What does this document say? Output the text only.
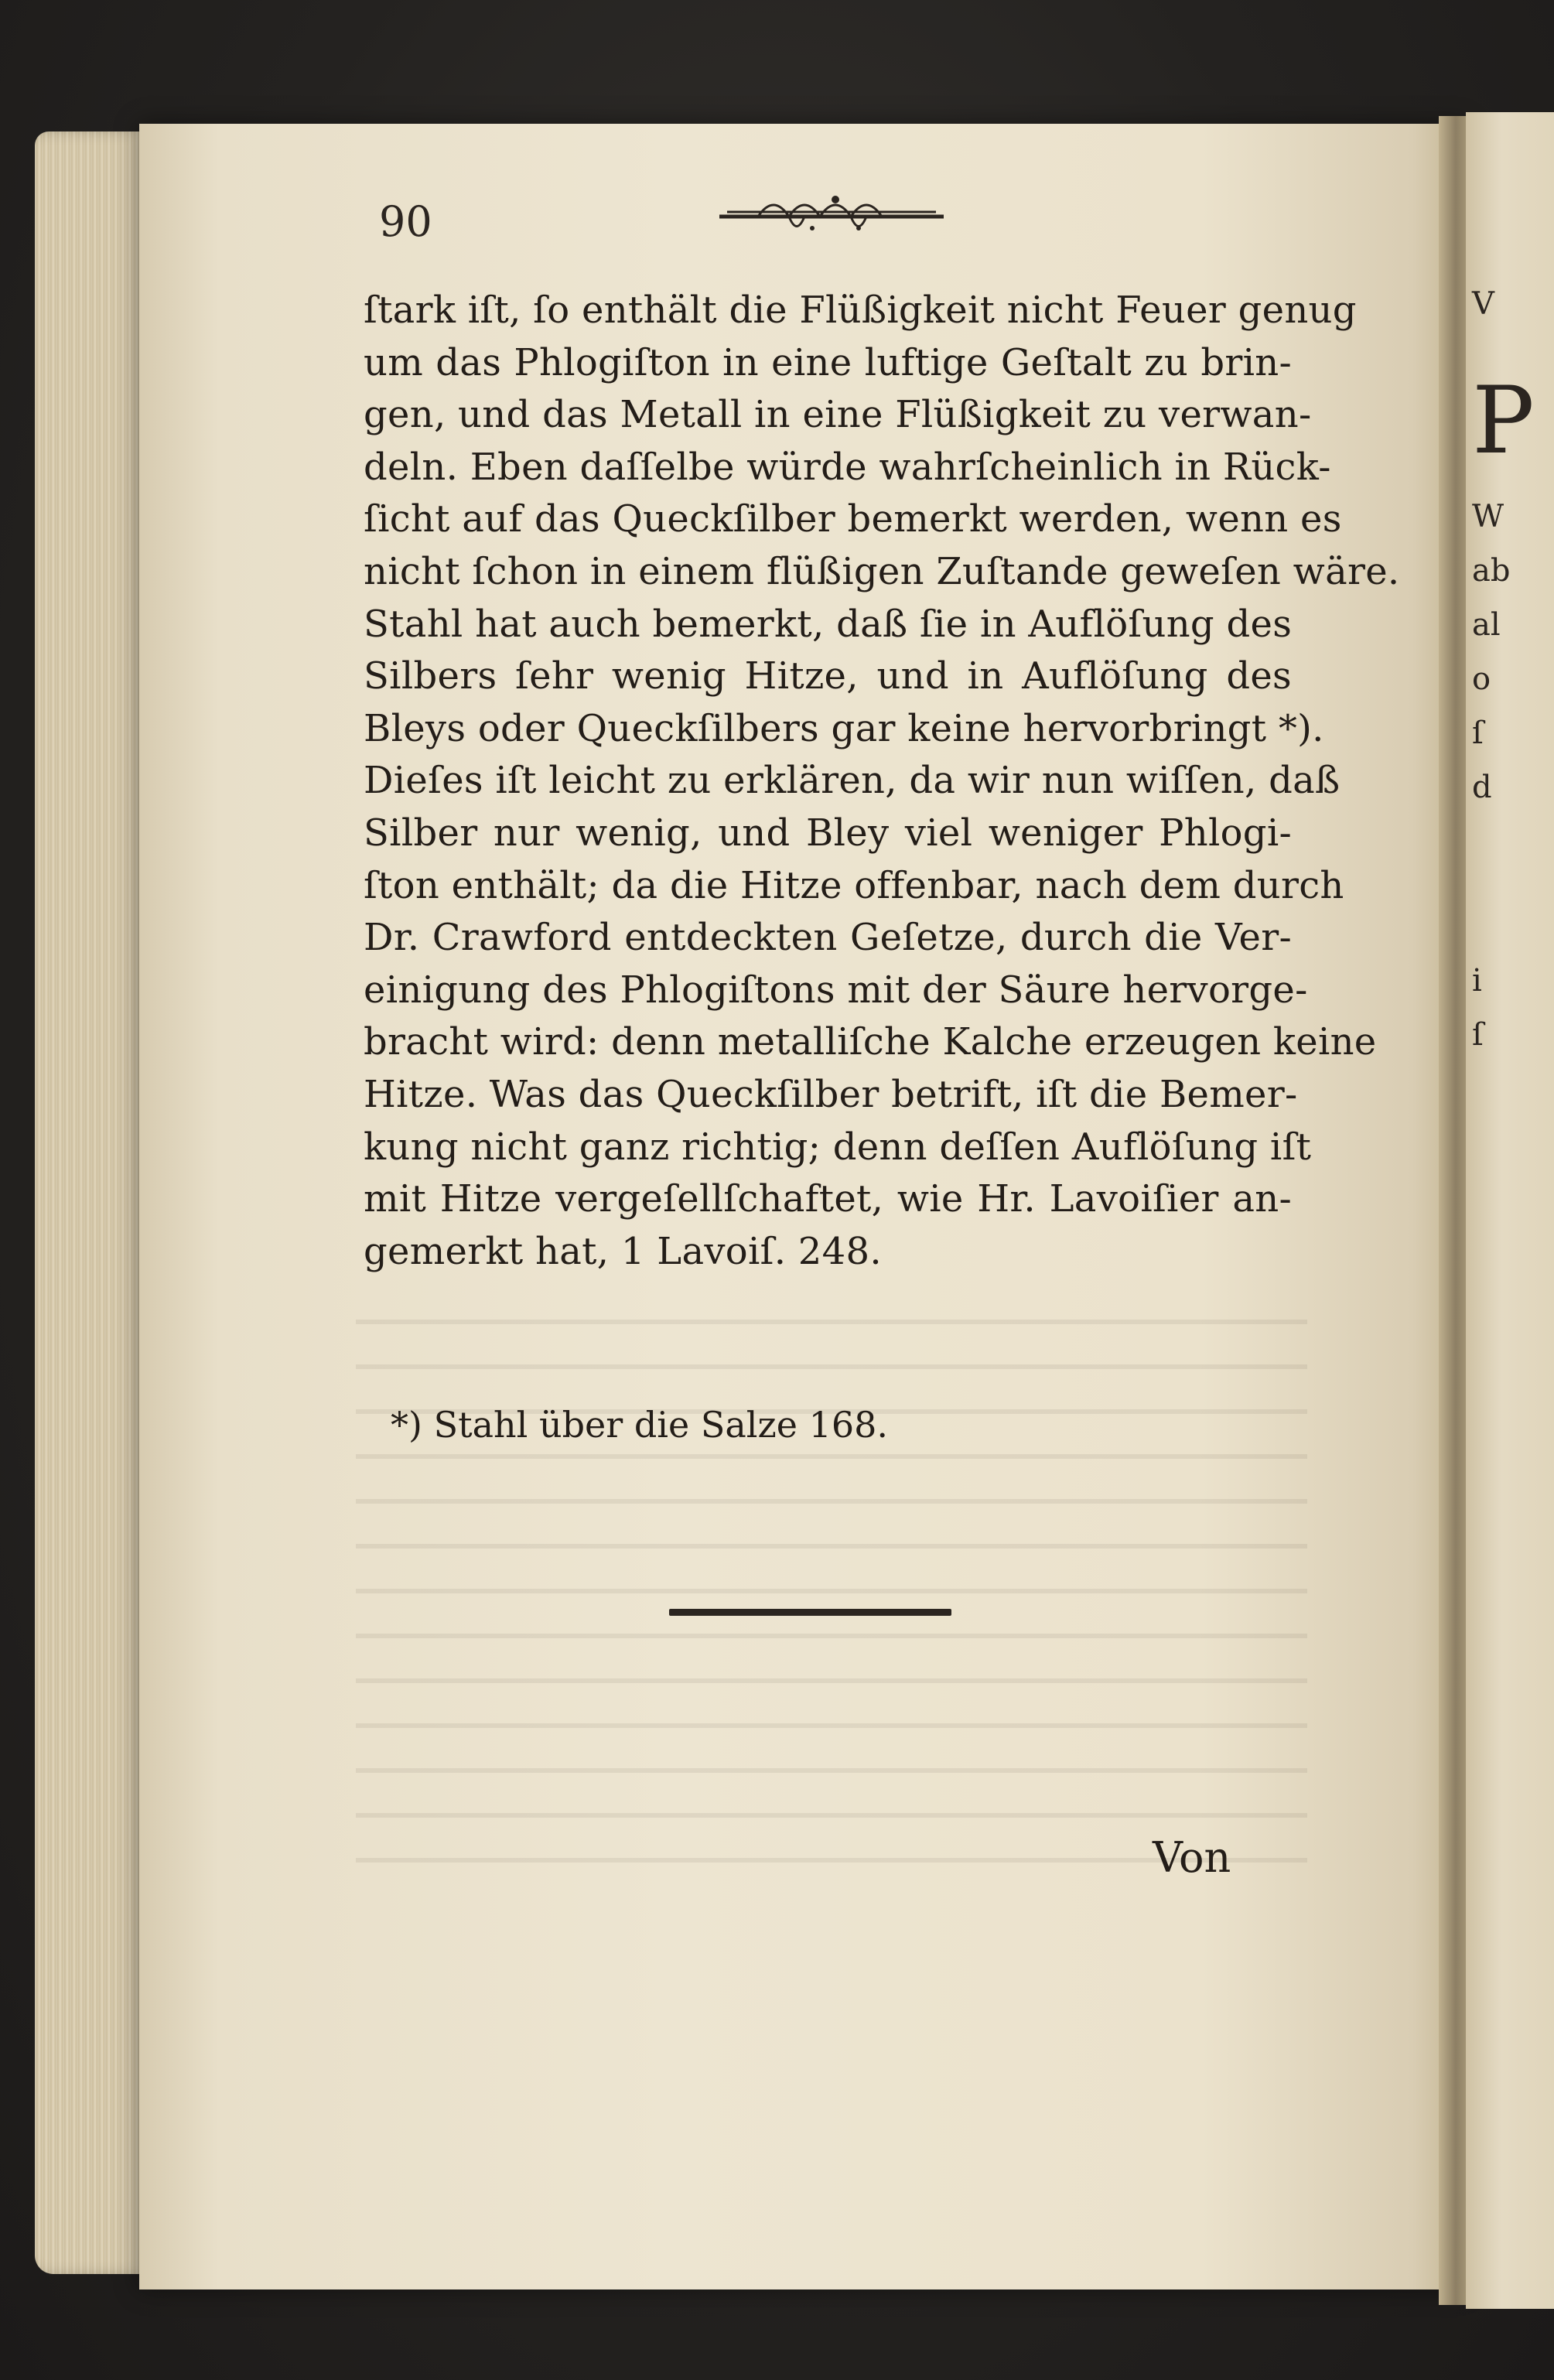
V
P
W
ab
al
o
ſ
d
i
ſ
90
ſtark iſt, ſo enthält die Flüßigkeit nicht Feuer genug
um das Phlogiſton in eine luftige Geſtalt zu brin-
gen, und das Metall in eine Flüßigkeit zu verwan-
deln. Eben daſſelbe würde wahrſcheinlich in Rück-
ſicht auf das Queckſilber bemerkt werden, wenn es
nicht ſchon in einem flüßigen Zuſtande geweſen wäre.
Stahl hat auch bemerkt, daß ſie in Auflöſung des
Silbers ſehr wenig Hitze, und in Auflöſung des
Bleys oder Queckſilbers gar keine hervorbringt *).
Dieſes iſt leicht zu erklären, da wir nun wiſſen, daß
Silber nur wenig, und Bley viel weniger Phlogi-
ſton enthält; da die Hitze offenbar, nach dem durch
Dr. Crawford entdeckten Geſetze, durch die Ver-
einigung des Phlogiſtons mit der Säure hervorge-
bracht wird: denn metalliſche Kalche erzeugen keine
Hitze. Was das Queckſilber betrift, iſt die Bemer-
kung nicht ganz richtig; denn deſſen Auflöſung iſt
mit Hitze vergeſellſchaftet, wie Hr. Lavoiſier an-
gemerkt hat, 1 Lavoiſ. 248.
*) Stahl über die Salze 168.
Von
